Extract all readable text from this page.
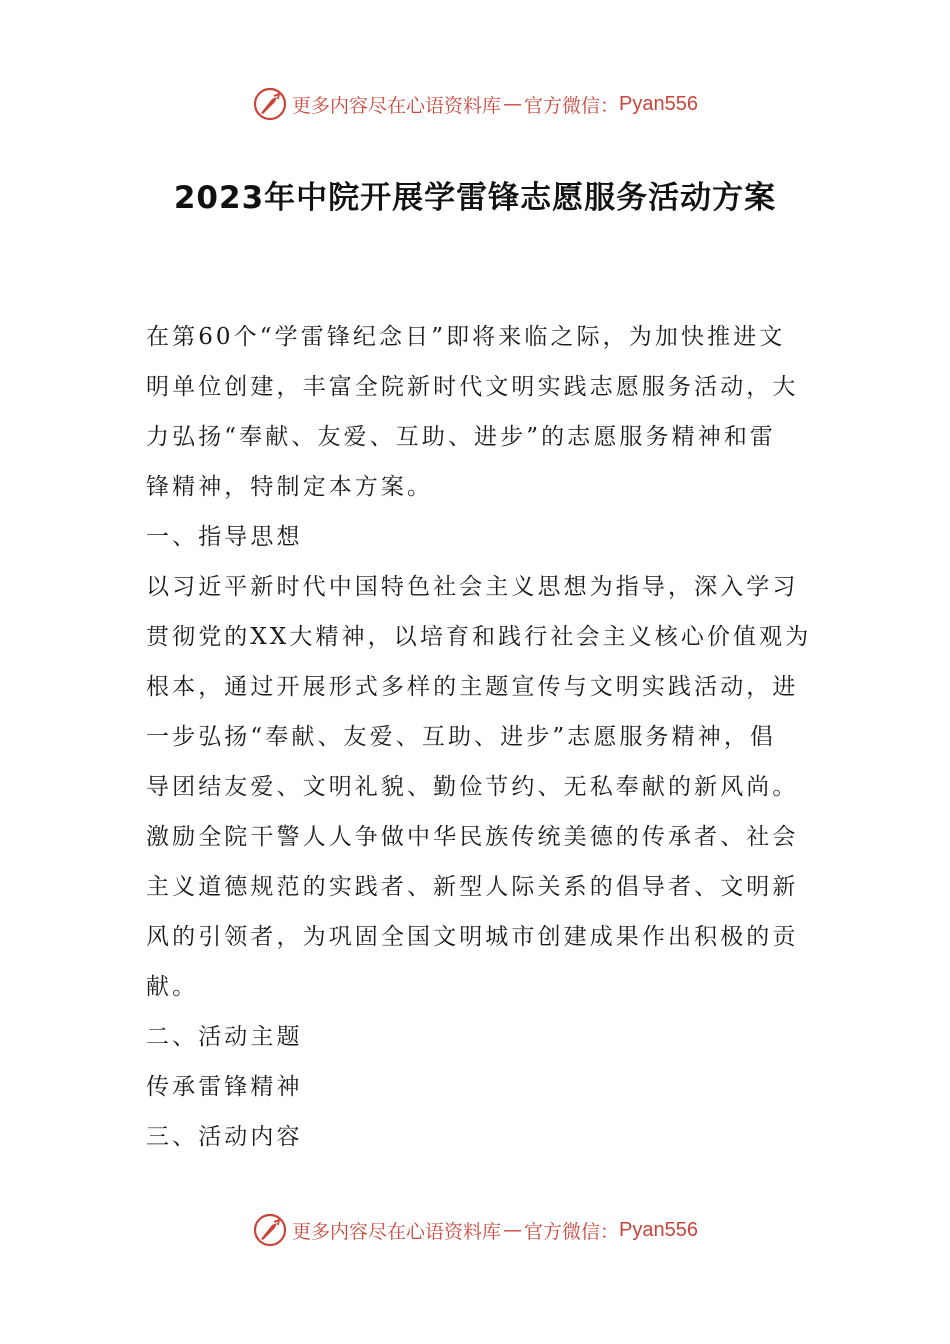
更多内容尽在心语资料库 — 官方微信： Pyan556
2023年中院开展学雷锋志愿服务活动方案
在第60个“学雷锋纪念日”即将来临之际，为加快推进文
明单位创建，丰富全院新时代文明实践志愿服务活动，大
力弘扬“奉献、友爱、互助、进步”的志愿服务精神和雷
锋精神，特制定本方案。
一、指导思想
以习近平新时代中国特色社会主义思想为指导，深入学习
贯彻党的XX大精神，以培育和践行社会主义核心价值观为
根本，通过开展形式多样的主题宣传与文明实践活动，进
一步弘扬“奉献、友爱、互助、进步”志愿服务精神，倡
导团结友爱、文明礼貌、勤俭节约、无私奉献的新风尚。
激励全院干警人人争做中华民族传统美德的传承者、社会
主义道德规范的实践者、新型人际关系的倡导者、文明新
风的引领者，为巩固全国文明城市创建成果作出积极的贡
献。
二、活动主题
传承雷锋精神
三、活动内容
更多内容尽在心语资料库 — 官方微信： Pyan556
